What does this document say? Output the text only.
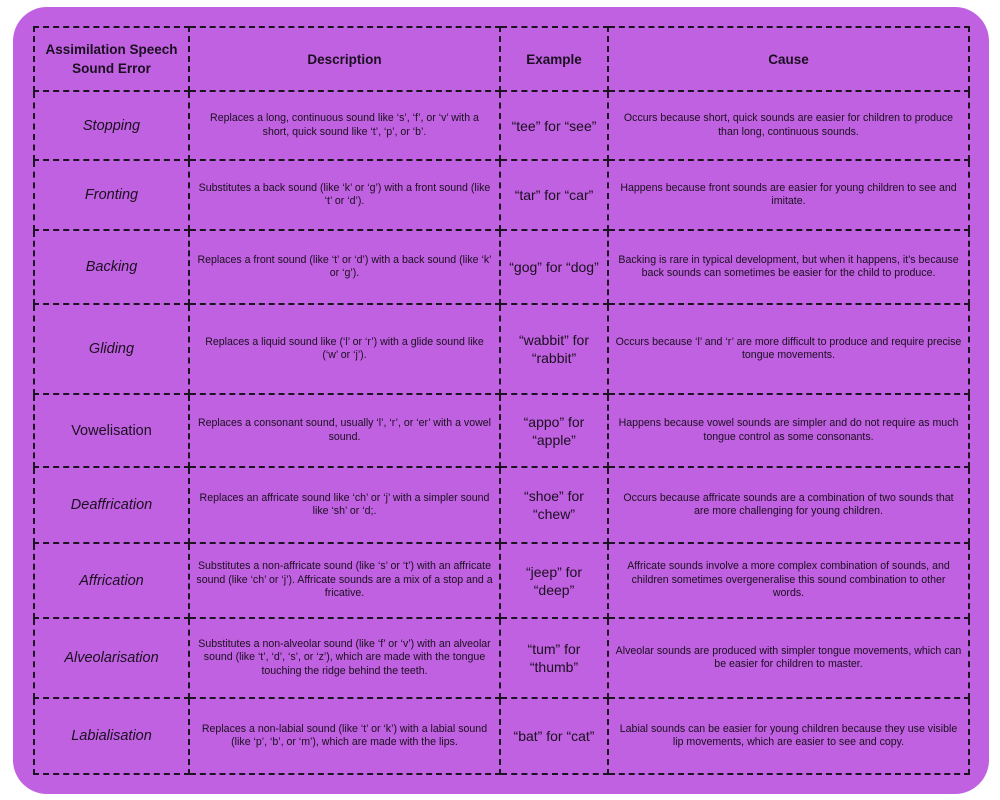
Assimilation Speech Sound Error	Description	Example	Cause
Stopping	Replaces a long, continuous sound like ‘s’, ‘f’, or ‘v’ with a short, quick sound like ‘t’, ‘p’, or ‘b’.	“tee” for “see”	Occurs because short, quick sounds are easier for children to produce than long, continuous sounds.
Fronting	Substitutes a back sound (like ‘k’ or ‘g’) with a front sound (like ‘t’ or ‘d’).	“tar” for “car”	Happens because front sounds are easier for young children to see and imitate.
Backing	Replaces a front sound (like ‘t’ or ‘d’) with a back sound (like ‘k’ or ‘g’).	“gog” for “dog”	Backing is rare in typical development, but when it happens, it’s because back sounds can sometimes be easier for the child to produce.
Gliding	Replaces a liquid sound like (‘l’ or ‘r’) with a glide sound like (‘w’ or ‘j’).	“wabbit” for “rabbit”	Occurs because ‘l’ and ‘r’ are more difficult to produce and require precise tongue movements.
Vowelisation	Replaces a consonant sound, usually ‘l’, ‘r’, or ‘er’ with a vowel sound.	“appo” for “apple”	Happens because vowel sounds are simpler and do not require as much tongue control as some consonants.
Deaffrication	Replaces an affricate sound like ‘ch’ or ‘j’ with a simpler sound like ‘sh’ or ‘d;.	“shoe” for “chew”	Occurs because affricate sounds are a combination of two sounds that are more challenging for young children.
Affrication	Substitutes a non-affricate sound (like ‘s’ or ‘t’) with an affricate sound (like ‘ch’ or ‘j’). Affricate sounds are a mix of a stop and a fricative.	“jeep” for “deep”	Affricate sounds involve a more complex combination of sounds, and children sometimes overgeneralise this sound combination to other words.
Alveolarisation	Substitutes a non-alveolar sound (like ‘f’ or ‘v’) with an alveolar sound (like ‘t’, ‘d’, ‘s’, or ‘z’), which are made with the tongue touching the ridge behind the teeth.	“tum” for “thumb”	Alveolar sounds are produced with simpler tongue movements, which can be easier for children to master.
Labialisation	Replaces a non-labial sound (like ‘t’ or ‘k’) with a labial sound (like ‘p’, ‘b’, or ‘m’), which are made with the lips.	“bat” for “cat”	Labial sounds can be easier for young children because they use visible lip movements, which are easier to see and copy.
